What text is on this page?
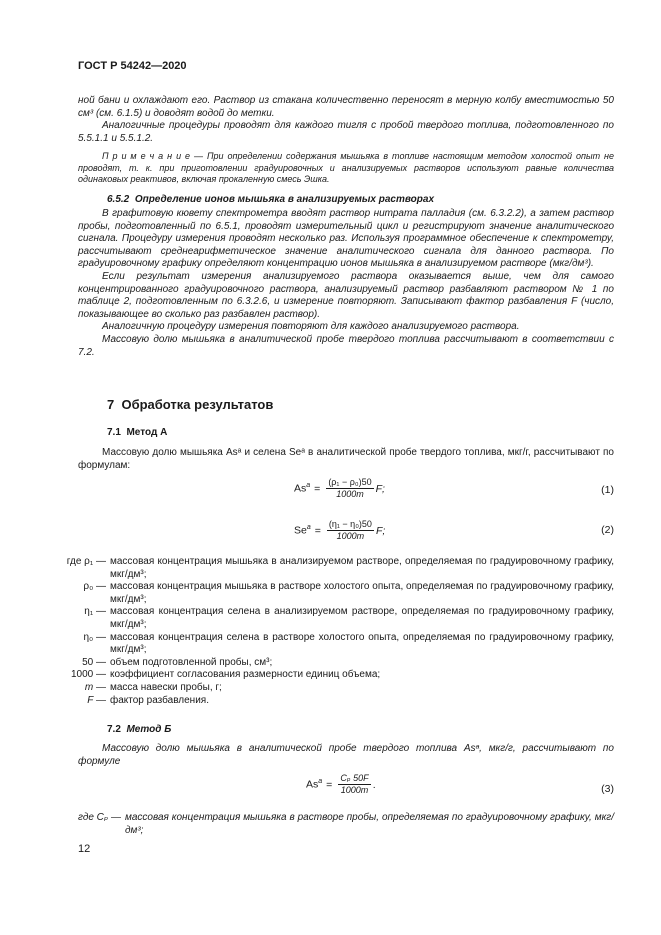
ГОСТ Р 54242—2020

ной бани и охлаждают его. Раствор из стакана количественно переносят в мерную колбу вместимостью 50 см³ (см. 6.1.5) и доводят водой до метки.

Аналогичные процедуры проводят для каждого тигля с пробой твердого топлива, подготовленного по 5.5.1.1 и 5.5.1.2.

П р и м е ч а н и е — При определении содержания мышьяка в топливе настоящим методом холостой опыт не проводят, т. к. при приготовлении градуировочных и анализируемых растворов используют равные количества одинаковых реактивов, включая прокаленную смесь Эшка.

6.5.2 Определение ионов мышьяка в анализируемых растворах

В графитовую кювету спектрометра вводят раствор нитрата палладия (см. 6.3.2.2), а затем раствор пробы, подготовленный по 6.5.1, проводят измерительный цикл и регистрируют значение аналитического сигнала. Процедуру измерения проводят несколько раз. Используя программное обеспечение к спектрометру, рассчитывают среднеарифметическое значение аналитического сигнала для данного раствора. По градуировочному графику определяют концентрацию ионов мышьяка в анализируемом растворе (мкг/дм³).

Если результат измерения анализируемого раствора оказывается выше, чем для самого концентрированного градуировочного раствора, анализируемый раствор разбавляют раствором № 1 по таблице 2, подготовленным по 6.3.2.6, и измерение повторяют. Записывают фактор разбавления F (число, показывающее во сколько раз разбавлен раствор).

Аналогичную процедуру измерения повторяют для каждого анализируемого раствора.

Массовую долю мышьяка в аналитической пробе твердого топлива рассчитывают в соответствии с 7.2.

7 Обработка результатов
7.1 Метод А
Массовую долю мышьяка Asᵃ и селена Seᵃ в аналитической пробе твердого топлива, мкг/г, рассчитывают по формулам:
$As^a = \frac{\text{(ρ₁ − ρ₀)50}}{1000m} F$;	(1)
$Se^a = \frac{\text{(η₁ − η₀)50}}{1000m} F$;	(2)
где ρ₁ — массовая концентрация мышьяка в анализируемом растворе, определяемая по градуировочному графику, мкг/дм³;
ρ₀ — массовая концентрация мышьяка в растворе холостого опыта, определяемая по градуировочному графику, мкг/дм³;
η₁ — массовая концентрация селена в анализируемом растворе, определяемая по градуировочному графику, мкг/дм³;
η₀ — массовая концентрация селена в растворе холостого опыта, определяемая по градуировочному графику, мкг/дм³;
50 — объем подготовленной пробы, см³;
1000 — коэффициент согласования размерности единиц объема;
m — масса навески пробы, г;
F — фактор разбавления.
7.2 Метод Б
Массовую долю мышьяка в аналитической пробе твердого топлива Asᵃ, мкг/г, рассчитывают по формуле
$As^a = \frac{\text{Cₚ 50F}}{1000m}$ .	(3)
где Cₚ — массовая концентрация мышьяка в растворе пробы, определяемая по градуировочному графику, мкг/дм³;
12
